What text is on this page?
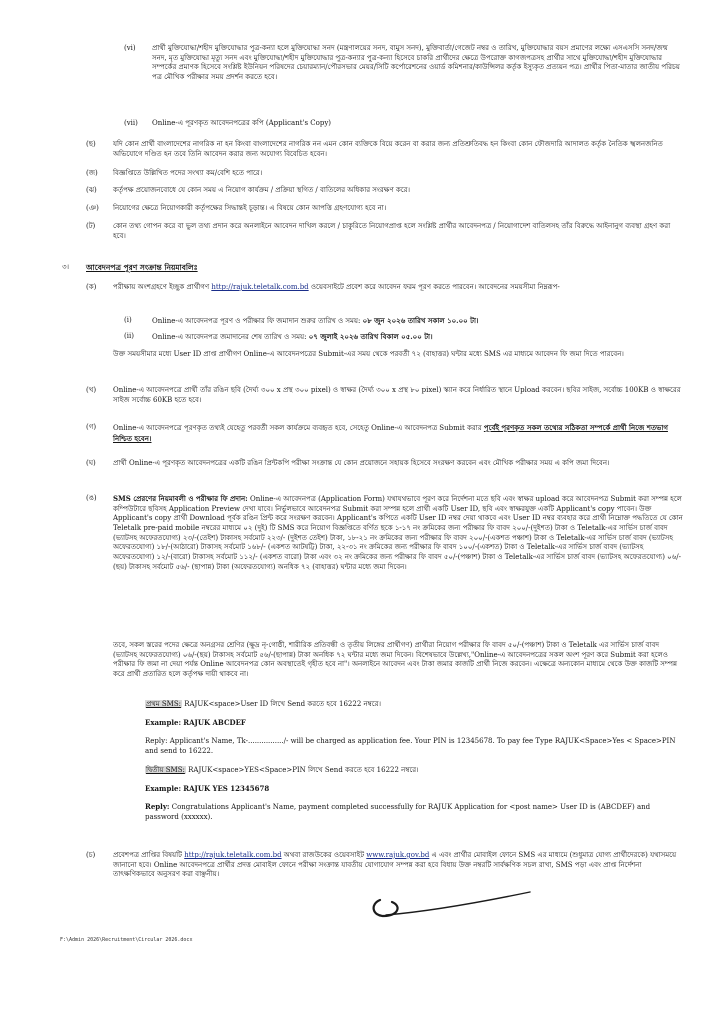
(vi) প্রার্থী মুক্তিযোদ্ধা/শহীদ মুক্তিযোদ্ধার পুত্র-কন্যা হলে মুক্তিযোদ্ধা সনদ (মন্ত্রণালয়ের সনদ, বামুস সনদ), মুক্তিবার্তা/গেজেট নম্বর ও তারিখ, মুক্তিযোদ্ধার বয়স প্রমাণের লক্ষ্যে এসএসসি সনদ/জন্ম সনদ, মৃত মুক্তিযোদ্ধা মৃত্যু সনদ এবং মুক্তিযোদ্ধা/শহীদ মুক্তিযোদ্ধার পুত্র-কন্যার পুত্র-কন্যা হিসেবে চাকরি প্রার্থীদের ক্ষেত্রে উপরোক্ত কাগজপত্রসহ প্রার্থীর সাথে মুক্তিযোদ্ধা/শহীদ মুক্তিযোদ্ধার সম্পর্কের প্রমাণক হিসেবে সংশ্লিষ্ট ইউনিয়ন পরিষদের চেয়ারম্যান/পৌরসভার মেয়র/সিটি কর্পোরেশনের ওয়ার্ড কমিশনার/কাউন্সিলর কর্তৃক ইস্যুকৃত প্রত্যয়ন পত্র। প্রার্থীর পিতা-মাতার জাতীয় পরিচয় পত্র মৌখিক পরীক্ষার সময় প্রদর্শন করতে হবে।

(vii) Online-এ পূরণকৃত আবেদনপত্রের কপি (Applicant's Copy)

(ছ) যদি কোন প্রার্থী বাংলাদেশের নাগরিক না হন কিংবা বাংলাদেশের নাগরিক নন এমন কোন ব্যক্তিকে বিয়ে করেন বা করার জন্য প্রতিশ্রুতিবদ্ধ হন কিংবা কোন ফৌজদারি আদালত কর্তৃক নৈতিক স্খলনজনিত অভিযোগে দণ্ডিত হন তবে তিনি আবেদন করার জন্য অযোগ্য বিবেচিত হবেন।

(জ) বিজ্ঞপ্তিতে উল্লিখিত পদের সংখ্যা কম/বেশি হতে পারে।

(ঝ) কর্তৃপক্ষ প্রয়োজনবোধে যে কোন সময় এ নিয়োগ কার্যক্রম / প্রক্রিয়া স্থগিত / বাতিলের অধিকার সংরক্ষণ করে।

(ঞ) নিয়োগের ক্ষেত্রে নিয়োগকারী কর্তৃপক্ষের সিদ্ধান্তই চূড়ান্ত। এ বিষয়ে কোন আপত্তি গ্রহণযোগ্য হবে না।

(ট)	কোন তথ্য গোপন করে বা ভুল তথ্য প্রদান করে অনলাইনে আবেদন দাখিল করলে / চাকুরিতে নিয়োগপ্রাপ্ত হলে সংশ্লিষ্ট প্রার্থীর আবেদনপত্র / নিয়োগাদেশ বাতিলসহ তাঁর বিরুদ্ধে আইনানুগ ব্যবস্থা গ্রহণ করা হবে।

৩। আবেদনপত্র পূরণ সংক্রান্ত নিয়মাবলিঃ
(ক) পরীক্ষায় অংশগ্রহণে ইচ্ছুক প্রার্থীগণ http://rajuk.teletalk.com.bd ওয়েবসাইটে প্রবেশ করে আবেদন ফরম পূরণ করতে পারবেন। আবেদনের সময়সীমা নিম্নরূপ-

(i)	Online-এ আবেদনপত্র পূরণ ও পরীক্ষার ফি জমাদান শুরুর তারিখ ও সময়: ০৮ জুন ২০২৬ তারিখ সকাল ১০.০০ টা।

(ii)	Online-এ আবেদনপত্র জমাদানের শেষ তারিখ ও সময়: ০৭ জুলাই ২০২৬ তারিখ বিকাল ০৫.০০ টা।

উক্ত সময়সীমার মধ্যে User ID প্রাপ্ত প্রার্থীগণ Online-এ আবেদনপত্রের Submit-এর সময় থেকে পরবর্তী ৭২ (বাহাত্তর) ঘন্টার মধ্যে SMS এর মাধ্যমে আবেদন ফি জমা দিতে পারবেন।

(খ) Online-এ আবেদনপত্রে প্রার্থী তাঁর রঙিন ছবি (দৈর্ঘ্য ৩০০ x প্রস্থ ৩০০ pixel) ও স্বাক্ষর (দৈর্ঘ্য ৩০০ x প্রস্থ ৮০ pixel) স্ক্যান করে নির্ধারিত স্থানে Upload করবেন। ছবির সাইজ, সর্বোচ্চ 100KB ও স্বাক্ষরের সাইজ সর্বোচ্চ 60KB হতে হবে।

(গ) Online-এ আবেদনপত্রে পূরণকৃত তথ্যই যেহেতু পরবর্তী সকল কার্যক্রমে ব্যবহৃত হবে, সেহেতু Online-এ আবেদনপত্র Submit করার পূর্বেই পূরণকৃত সকল তথ্যের সঠিকতা সম্পর্কে প্রার্থী নিজে শতভাগ নিশ্চিত হবেন।

(ঘ) প্রার্থী Online-এ পূরণকৃত আবেদনপত্রের একটি রঙিন প্রিন্টকপি পরীক্ষা সংক্রান্ত যে কোন প্রয়োজনে সহায়ক হিসেবে সংরক্ষণ করবেন এবং মৌখিক পরীক্ষার সময় এ কপি জমা দিবেন।

(ঙ) SMS প্রেরণের নিয়মাবলী ও পরীক্ষার ফি প্রদান: Online-এ আবেদনপত্র (Application Form) যথাযথভাবে পূরণ করে নির্দেশনা মতে ছবি এবং স্বাক্ষর upload করে আবেদনপত্র Submit করা সম্পন্ন হলে কম্পিউটারে ছবিসহ Application Preview দেখা যাবে। নির্ভুলভাবে আবেদনপত্র Submit করা সম্পন্ন হলে প্রার্থী একটি User ID, ছবি এবং স্বাক্ষরযুক্ত একটি Applicant's copy পাবেন। উক্ত Applicant's copy প্রার্থী Download পূর্বক রঙিন প্রিন্ট করে সংরক্ষণ করবেন। Applicant's কপিতে একটি User ID নম্বর দেয়া থাকবে এবং User ID নম্বর ব্যবহার করে প্রার্থী নিম্নোক্ত পদ্ধতিতে যে কোন Teletalk pre-paid mobile নম্বরের মাধ্যমে ০২ (দুই) টি SMS করে নিয়োগ বিজ্ঞপ্তিতে বর্ণিত ছকে ১-১৭ নং ক্রমিকের জন্য পরীক্ষার ফি বাবদ ২০০/-(দুইশত) টাকা ও Teletalk-এর সার্ভিস চার্জ বাবদ (ভ্যাটসহ অফেরতযোগ্য) ২৩/-(তেইশ) টাকাসহ সর্বমোট ২২৩/- (দুইশত তেইশ) টাকা, ১৮-২১ নং ক্রমিকের জন্য পরীক্ষার ফি বাবদ ২০০/-(একশত পঞ্চাশ) টাকা ও Teletalk-এর সার্ভিস চার্জ বাবদ (ভ্যাটসহ অফেরতযোগ্য) ১৮/-(আঠারো) টাকাসহ সর্বমোট ১৬৮/- (একশত আটষট্টি) টাকা, ২২-৩১ নং ক্রমিকের জন্য পরীক্ষার ফি বাবদ ১০০/-(একশত) টাকা ও Teletalk-এর সার্ভিস চার্জ বাবদ (ভ্যাটসহ অফেরতযোগ্য) ১২/-(বারো) টাকাসহ সর্বমোট ১১২/- (একশত বারো) টাকা এবং ৩২ নং ক্রমিকের জন্য পরীক্ষার ফি বাবদ ৫০/-(পঞ্চাশ) টাকা ও Teletalk-এর সার্ভিস চার্জ বাবদ (ভ্যাটসহ অফেরতযোগ্য) ০৬/-(ছয়) টাকাসহ সর্বমোট ৫৬/- (ছাপান্ন) টাকা (অফেরতযোগ্য) অনধিক ৭২ (বাহাত্তর) ঘন্টার মধ্যে জমা দিবেন।

তবে, সকল স্তরের পদের ক্ষেত্রে অনগ্রসর শ্রেণির (ক্ষুদ্র নৃ-গোষ্ঠী, শারীরিক প্রতিবন্ধী ও তৃতীয় লিঙ্গের প্রার্থীগণ) প্রার্থীরা নিয়োগ পরীক্ষার ফি বাবদ ৫০/-(পঞ্চাশ) টাকা ও Teletalk এর সার্ভিস চার্জ বাবদ (ভ্যাটসহ অফেরতযোগ্য) ০৬/-(ছয়) টাকাসহ সর্বমোট ৫৬/-(ছাপান্ন) টাকা অনধিক ৭২ ঘন্টার মধ্যে জমা দিবেন। বিশেষভাবে উল্লেখ্য,"Online-এ আবেদনপত্রের সকল অংশ পূরণ করে Submit করা হলেও পরীক্ষার ফি জমা না দেয়া পর্যন্ত Online আবেদনপত্র কোন অবস্থাতেই গৃহীত হবে না"। অনলাইনে আবেদন এবং টাকা জমার কাজটি প্রার্থী নিজে করবেন। এক্ষেত্রে অন্যকোন মাধ্যমে থেকে উক্ত কাজটি সম্পন্ন করে প্রার্থী প্রতারিত হলে কর্তৃপক্ষ দায়ী থাকবে না।

প্রথম SMS: RAJUK<space>User ID লিখে Send করতে হবে 16222 নম্বরে।

Example: RAJUK ABCDEF

Reply: Applicant's Name, Tk-................/- will be charged as application fee. Your PIN is 12345678. To pay fee Type RAJUK<Space>Yes < Space>PIN and send to 16222.

দ্বিতীয় SMS: RAJUK<space>YES<Space>PIN লিখে Send করতে হবে 16222 নম্বরে।

Example: RAJUK YES 12345678

Reply: Congratulations Applicant's Name, payment completed successfully for RAJUK Application for <post name> User ID is (ABCDEF) and password (xxxxxx).

(চ)	প্রবেশপত্র প্রাপ্তির বিষয়টি http://rajuk.teletalk.com.bd অথবা রাজউকের ওয়েবসাইট www.rajuk.gov.bd এ এবং প্রার্থীর মোবাইল ফোনে SMS এর মাধ্যমে (শুধুমাত্র যোগ্য প্রার্থীদেরকে) যথাসময়ে জানানো হবে। Online আবেদনপত্রে প্রার্থীর প্রদত্ত মোবাইল ফোনে পরীক্ষা সংক্রান্ত যাবতীয় যোগাযোগ সম্পন্ন করা হবে বিধায় উক্ত নম্বরটি সার্বক্ষণিক সচল রাখা, SMS পড়া এবং প্রাপ্ত নির্দেশনা তাৎক্ষণিকভাবে অনুসরণ করা বাঞ্ছনীয়।

F:\Admin 2026\Recruitment\Circular 2026.docx
